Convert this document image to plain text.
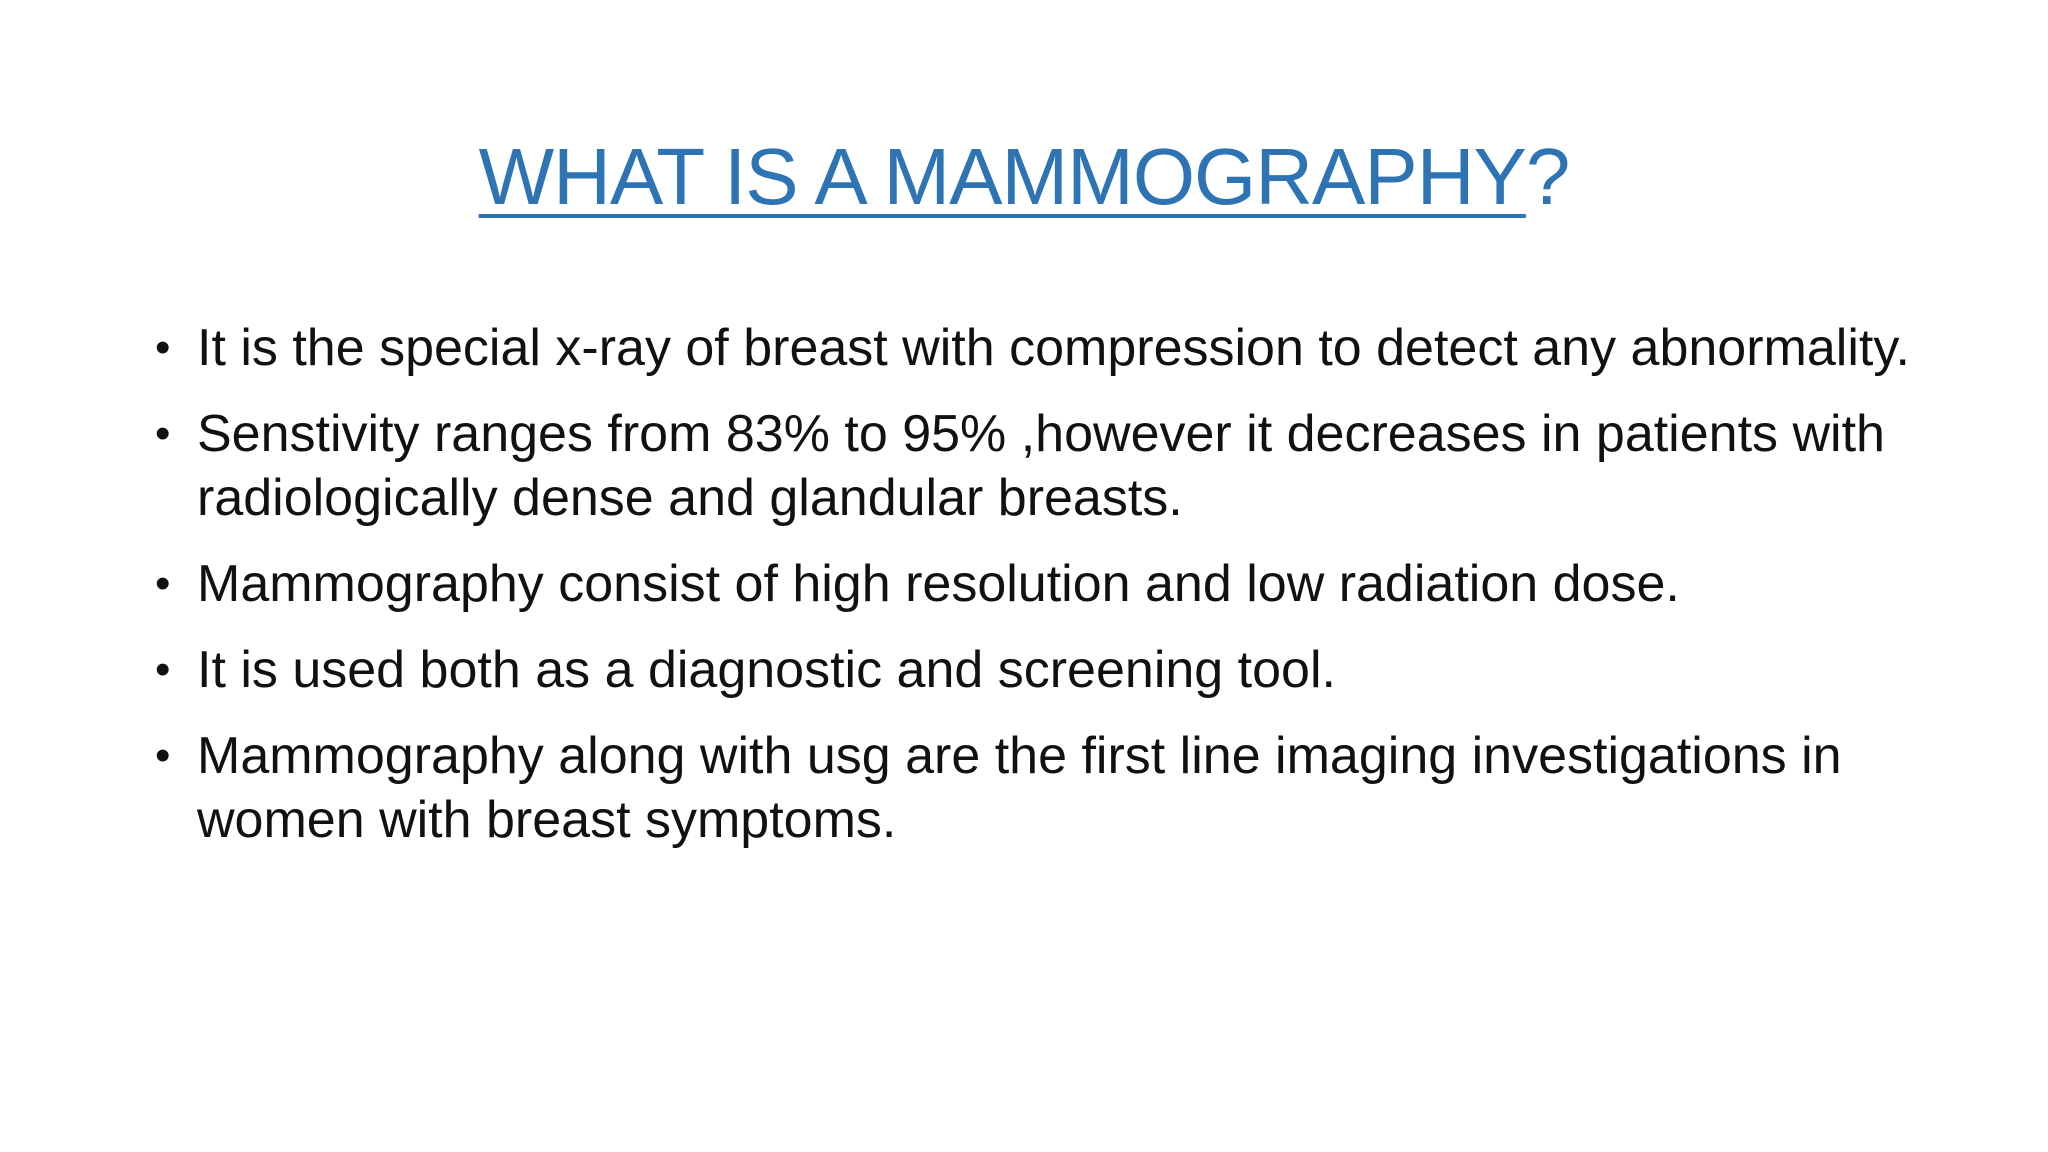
WHAT IS A MAMMOGRAPHY?
• It is the special x-ray of breast with compression to detect any abnormality.
• Senstivity ranges from 83% to 95% ,however it decreases in patients with radiologically dense and glandular breasts.
• Mammography consist of high resolution and low radiation dose.
• It is used both as a diagnostic and screening tool.
• Mammography along with usg are the first line imaging investigations in women with breast symptoms.
